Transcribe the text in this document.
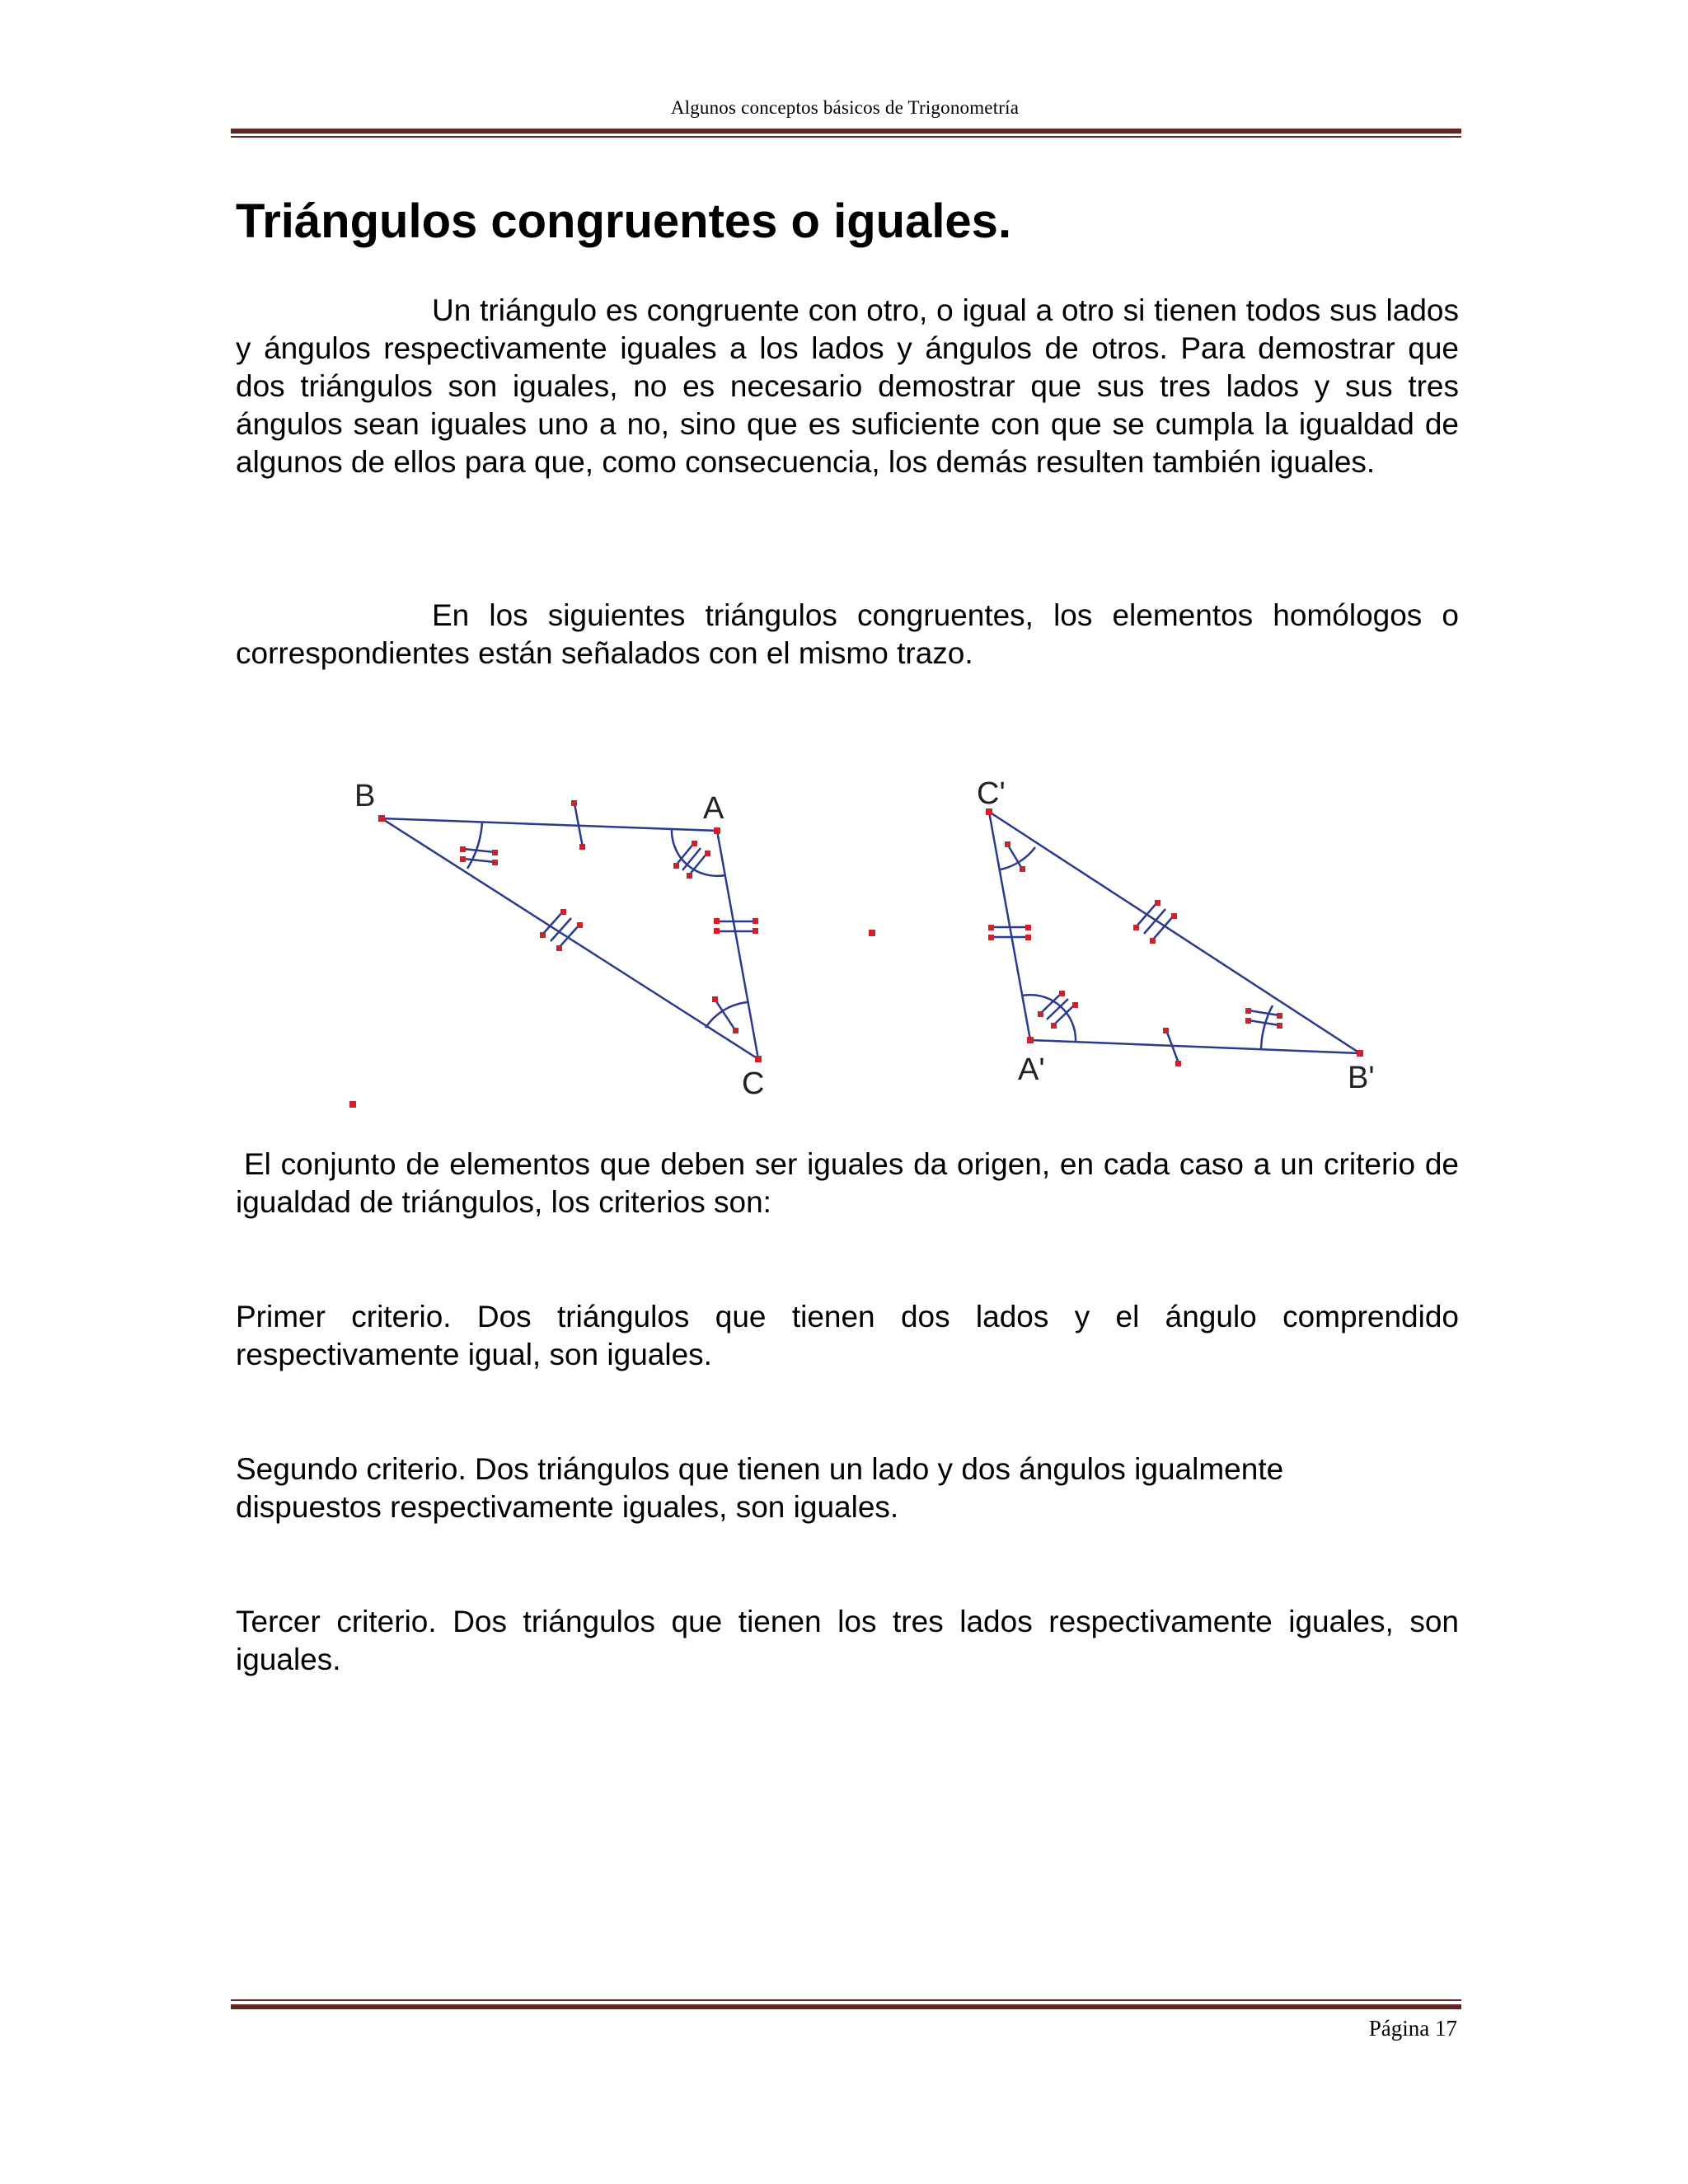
Algunos conceptos básicos de Trigonometría
Triángulos congruentes o iguales.

Un triángulo es congruente con otro, o igual a otro si tienen todos sus lados y ángulos respectivamente iguales a los lados y ángulos de otros. Para demostrar que dos triángulos son iguales, no es necesario demostrar que sus tres lados y sus tres ángulos sean iguales uno a no, sino que es suficiente con que se cumpla la igualdad de algunos de ellos para que, como consecuencia, los demás resulten también iguales.

En los siguientes triángulos congruentes, los elementos homólogos o correspondientes están señalados con el mismo trazo.

B	A
C
C'
A'	B'

El conjunto de elementos que deben ser iguales da origen, en cada caso a un criterio de igualdad de triángulos, los criterios son:

Primer criterio. Dos triángulos que tienen dos lados y el ángulo comprendido respectivamente igual, son iguales.

Segundo criterio. Dos triángulos que tienen un lado y dos ángulos igualmente dispuestos respectivamente iguales, son iguales.

Tercer criterio. Dos triángulos que tienen los tres lados respectivamente iguales, son iguales.

Página 17
